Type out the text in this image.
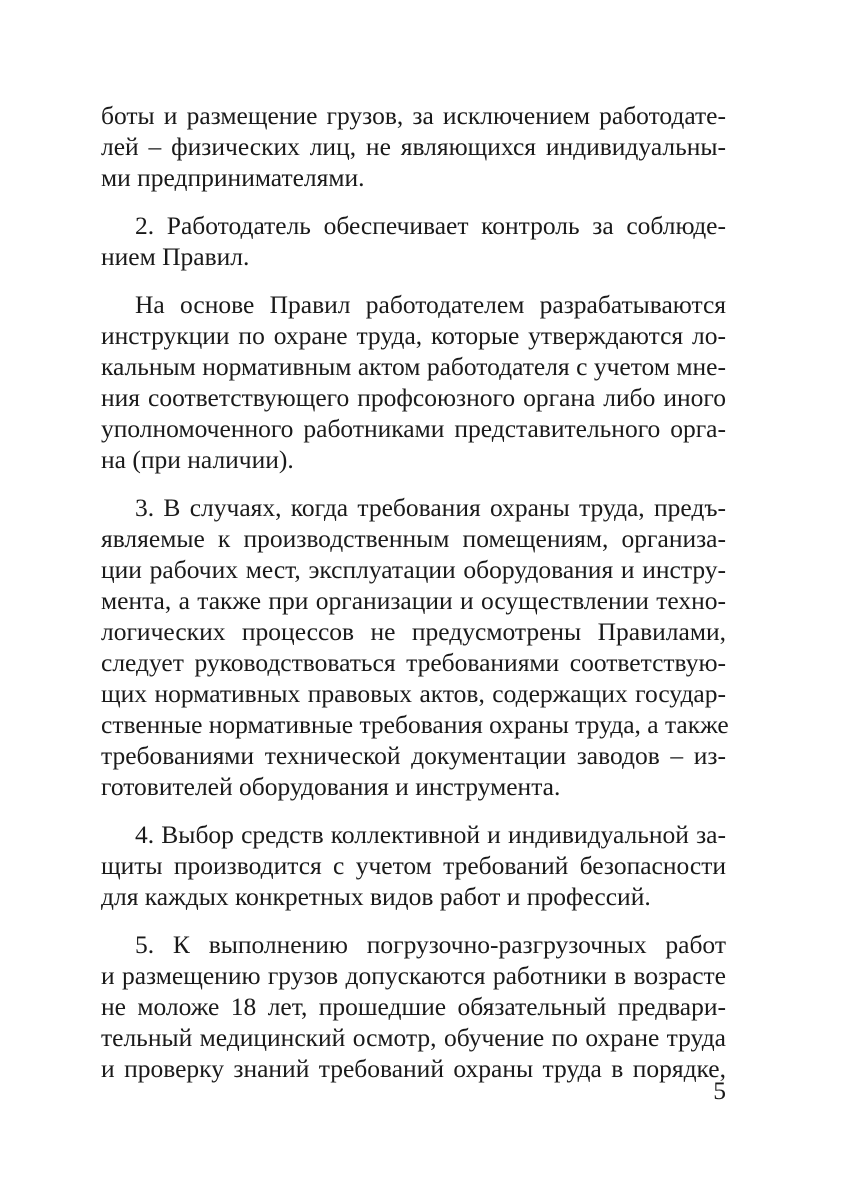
боты и размещение грузов, за исключением работодате-
лей – физических лиц, не являющихся индивидуальны-
ми предпринимателями.
2. Работодатель обеспечивает контроль за соблюде-
нием Правил.
На основе Правил работодателем разрабатываются
инструкции по охране труда, которые утверждаются ло-
кальным нормативным актом работодателя с учетом мне-
ния соответствующего профсоюзного органа либо иного
уполномоченного работниками представительного орга-
на (при наличии).
3. В случаях, когда требования охраны труда, предъ-
являемые к производственным помещениям, организа-
ции рабочих мест, эксплуатации оборудования и инстру-
мента, а также при организации и осуществлении техно-
логических процессов не предусмотрены Правилами,
следует руководствоваться требованиями соответствую-
щих нормативных правовых актов, содержащих государ-
ственные нормативные требования охраны труда, а также
требованиями технической документации заводов – из-
готовителей оборудования и инструмента.
4. Выбор средств коллективной и индивидуальной за-
щиты производится с учетом требований безопасности
для каждых конкретных видов работ и профессий.
5. К выполнению погрузочно-разгрузочных работ
и размещению грузов допускаются работники в возрасте
не моложе 18 лет, прошедшие обязательный предвари-
тельный медицинский осмотр, обучение по охране труда
и проверку знаний требований охраны труда в порядке,
5
